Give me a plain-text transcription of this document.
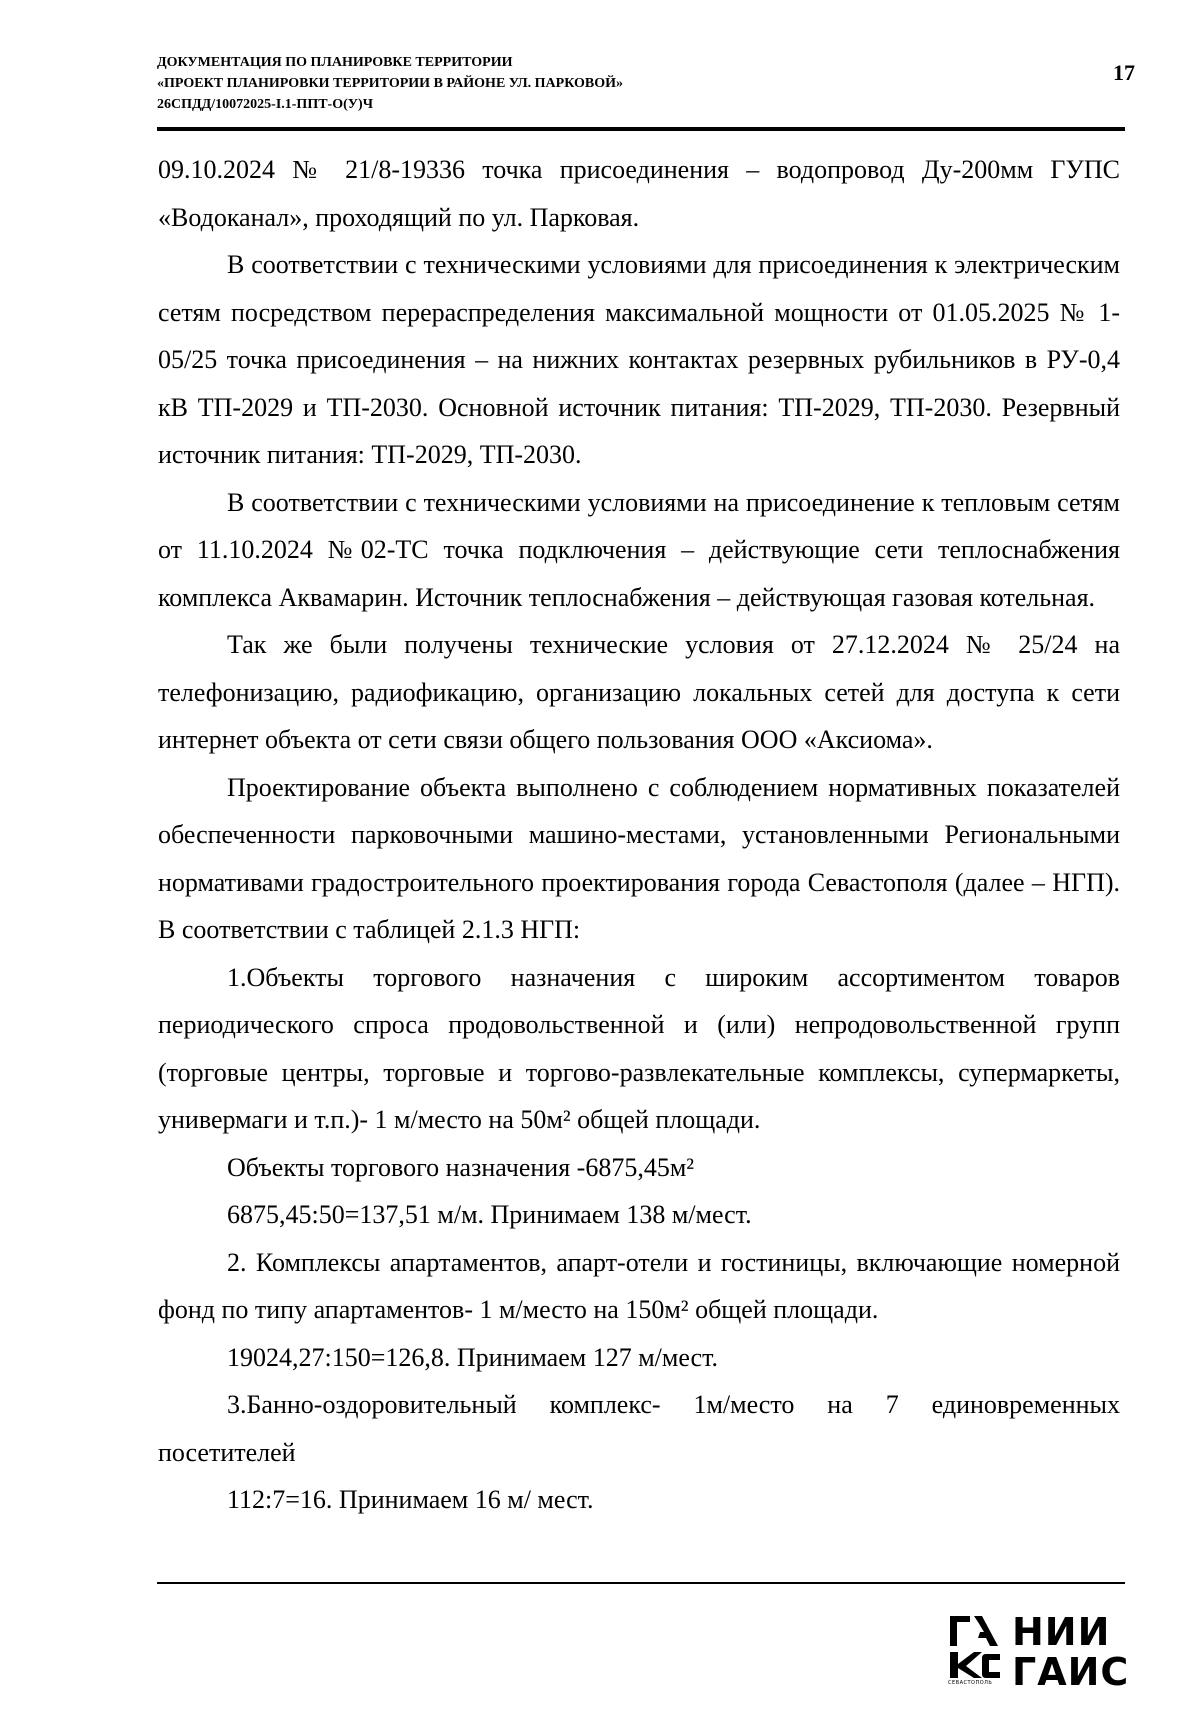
ДОКУМЕНТАЦИЯ ПО ПЛАНИРОВКЕ ТЕРРИТОРИИ
«ПРОЕКТ ПЛАНИРОВКИ ТЕРРИТОРИИ В РАЙОНЕ УЛ. ПАРКОВОЙ»
26СПДД/10072025-I.1-ППТ-О(У)Ч
17

09.10.2024 № 21/8-19336 точка присоединения – водопровод Ду-200мм ГУПС «Водоканал», проходящий по ул. Парковая.

В соответствии с техническими условиями для присоединения к электрическим сетям посредством перераспределения максимальной мощности от 01.05.2025 № 1-05/25 точка присоединения – на нижних контактах резервных рубильников в РУ-0,4 кВ ТП-2029 и ТП-2030. Основной источник питания: ТП-2029, ТП-2030. Резервный источник питания: ТП-2029, ТП-2030.

В соответствии с техническими условиями на присоединение к тепловым сетям от 11.10.2024 №02-ТС точка подключения – действующие сети теплоснабжения комплекса Аквамарин. Источник теплоснабжения – действующая газовая котельная.

Так же были получены технические условия от 27.12.2024 № 25/24 на телефонизацию, радиофикацию, организацию локальных сетей для доступа к сети интернет объекта от сети связи общего пользования ООО «Аксиома».

Проектирование объекта выполнено с соблюдением нормативных показателей обеспеченности парковочными машино-местами, установленными Региональными нормативами градостроительного проектирования города Севастополя (далее – НГП). В соответствии с таблицей 2.1.3 НГП:

1.Объекты торгового назначения с широким ассортиментом товаров периодического спроса продовольственной и (или) непродовольственной групп (торговые центры, торговые и торгово-развлекательные комплексы, супермаркеты, универмаги и т.п.)- 1 м/место на 50м² общей площади.

Объекты торгового назначения -6875,45м²

6875,45:50=137,51 м/м. Принимаем 138 м/мест.

2. Комплексы апартаментов, апарт-отели и гостиницы, включающие номерной фонд по типу апартаментов- 1 м/место на 150м² общей площади.

19024,27:150=126,8. Принимаем 127 м/мест.

3.Банно-оздоровительный комплекс- 1м/место на 7 единовременных посетителей

112:7=16. Принимаем 16 м/ мест.

НИИ
ГАИС
СЕВАСТОПОЛЬ
